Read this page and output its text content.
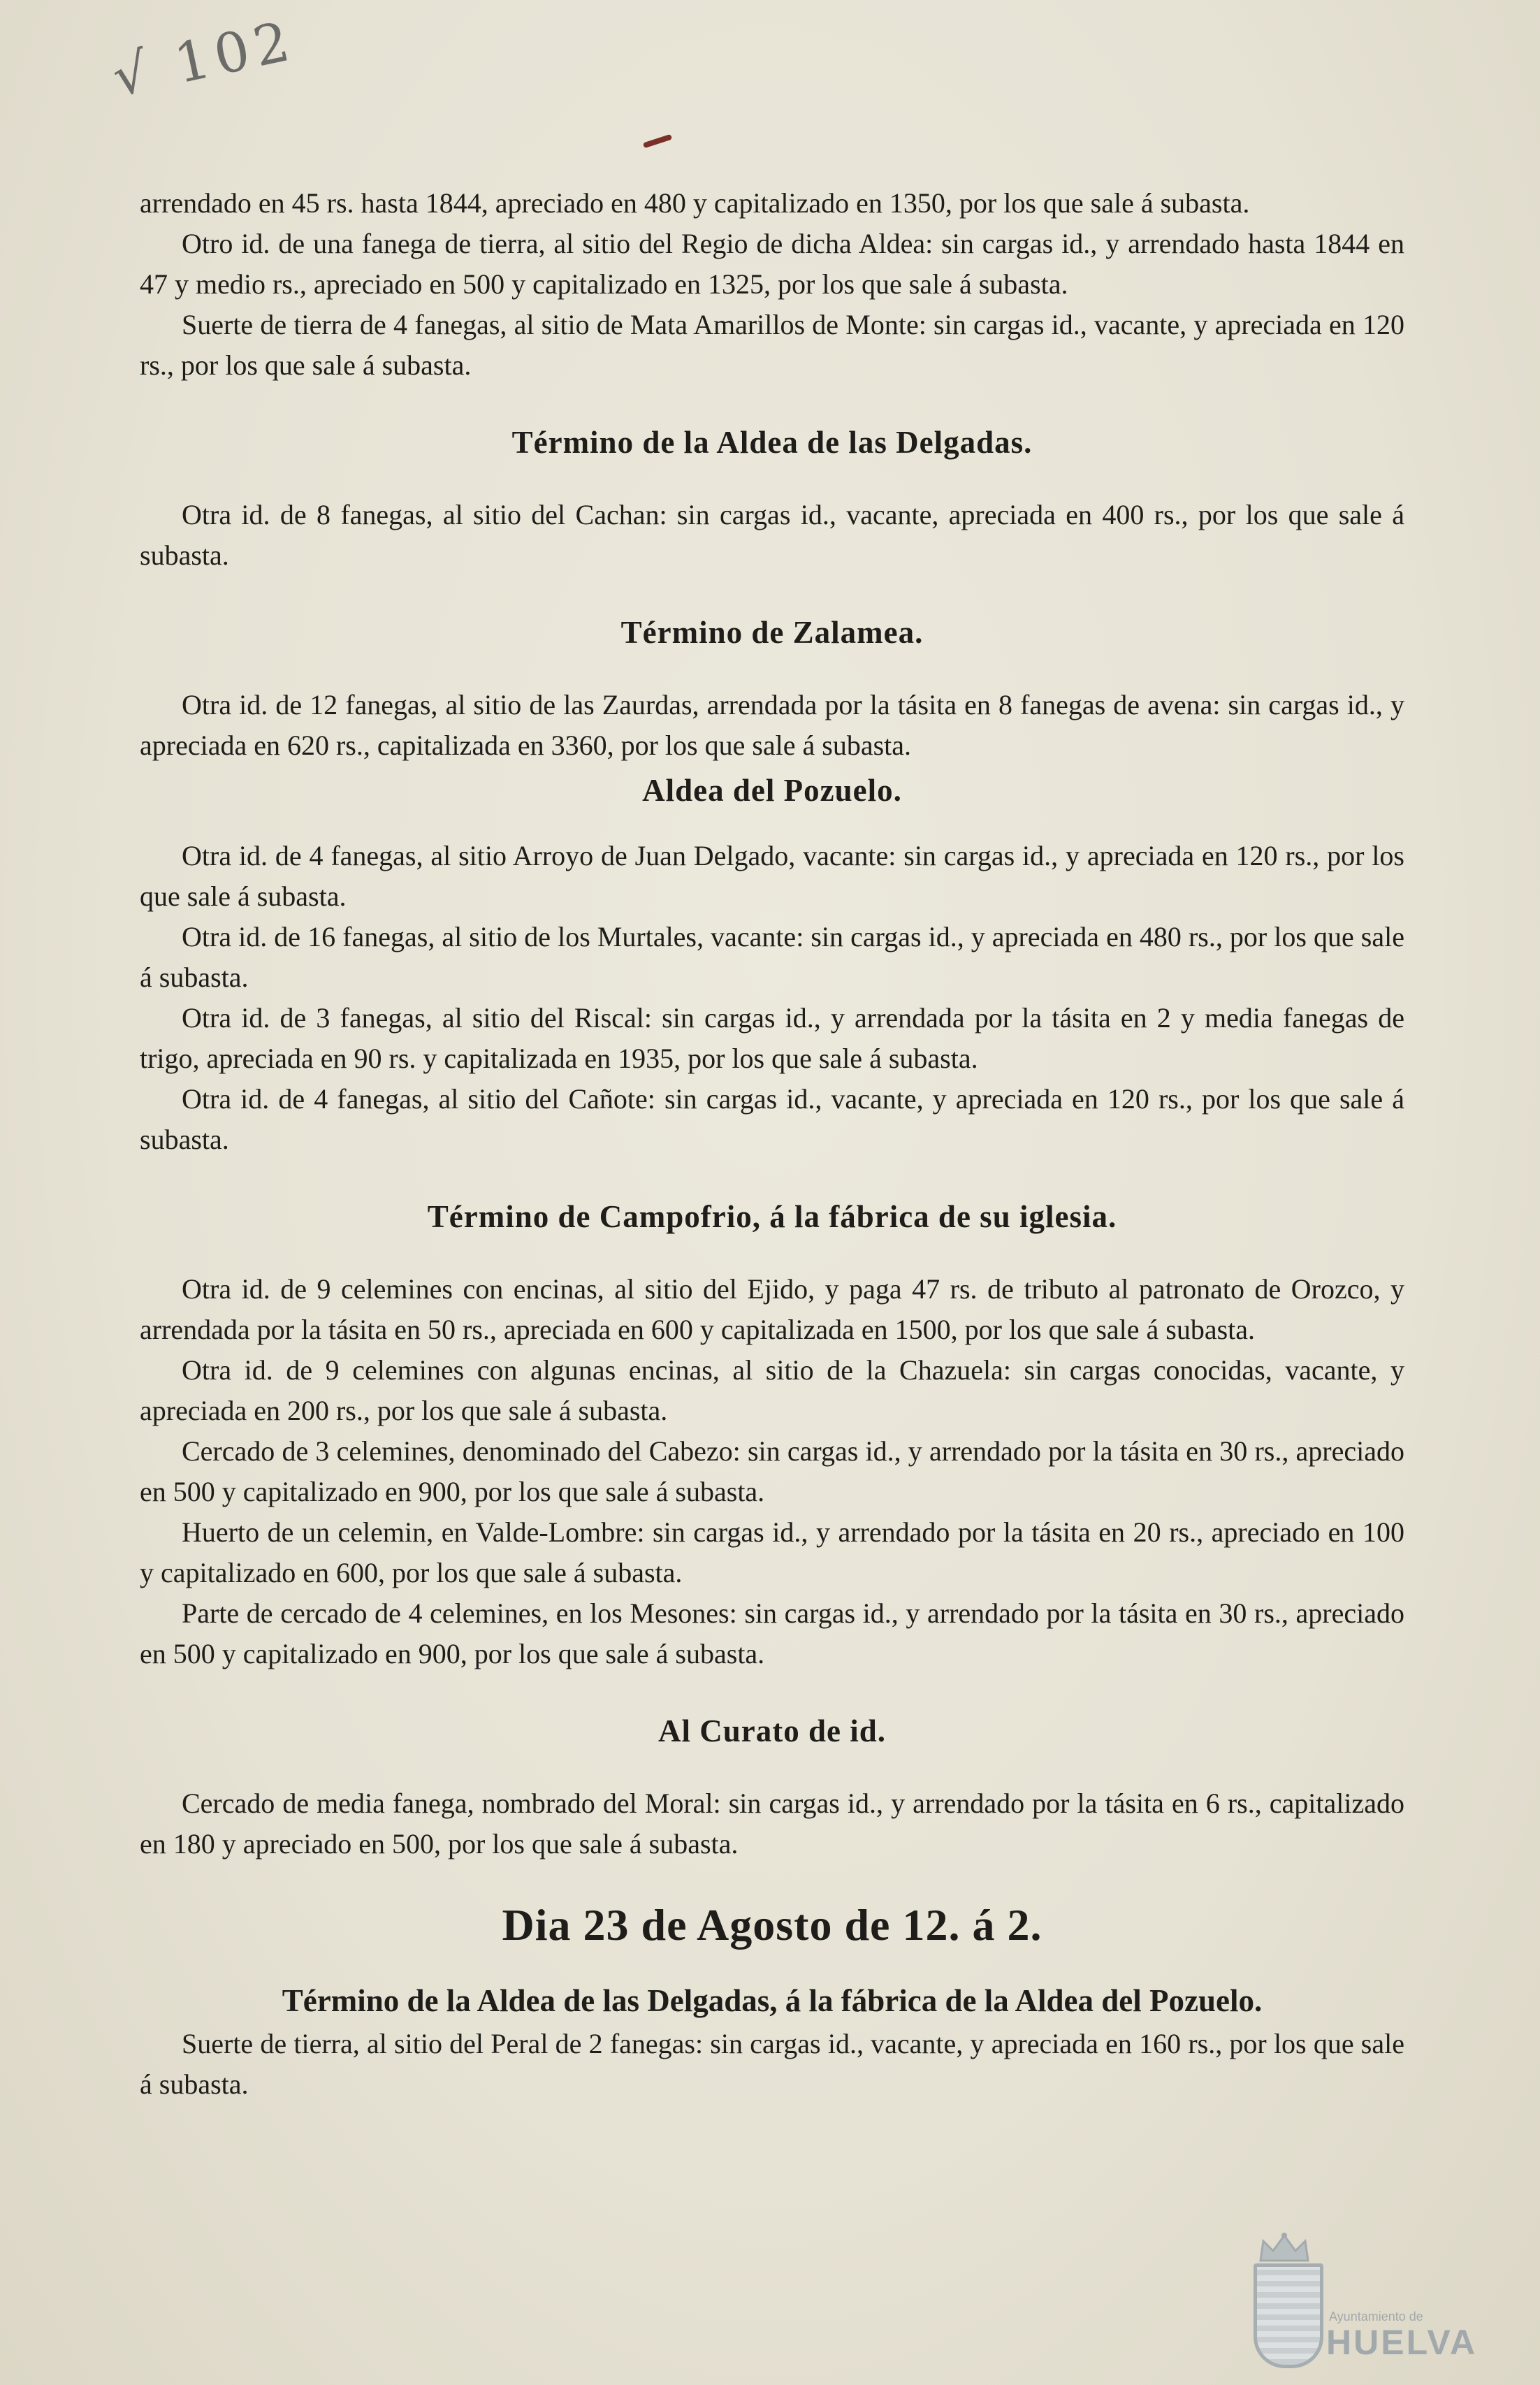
√ 102

arrendado en 45 rs. hasta 1844, apreciado en 480 y capitalizado en 1350, por los que sale á subasta.

Otro id. de una fanega de tierra, al sitio del Regio de dicha Aldea: sin cargas id., y arrendado hasta 1844 en 47 y medio rs., apreciado en 500 y capitalizado en 1325, por los que sale á subasta.

Suerte de tierra de 4 fanegas, al sitio de Mata Amarillos de Monte: sin cargas id., vacante, y apreciada en 120 rs., por los que sale á subasta.

Término de la Aldea de las Delgadas.

Otra id. de 8 fanegas, al sitio del Cachan: sin cargas id., vacante, apreciada en 400 rs., por los que sale á subasta.

Término de Zalamea.

Otra id. de 12 fanegas, al sitio de las Zaurdas, arrendada por la tásita en 8 fanegas de avena: sin cargas id., y apreciada en 620 rs., capitalizada en 3360, por los que sale á subasta.

Aldea del Pozuelo.

Otra id. de 4 fanegas, al sitio Arroyo de Juan Delgado, vacante: sin cargas id., y apreciada en 120 rs., por los que sale á subasta.

Otra id. de 16 fanegas, al sitio de los Murtales, vacante: sin cargas id., y apreciada en 480 rs., por los que sale á subasta.

Otra id. de 3 fanegas, al sitio del Riscal: sin cargas id., y arrendada por la tásita en 2 y media fanegas de trigo, apreciada en 90 rs. y capitalizada en 1935, por los que sale á subasta.

Otra id. de 4 fanegas, al sitio del Cañote: sin cargas id., vacante, y apreciada en 120 rs., por los que sale á subasta.

Término de Campofrio, á la fábrica de su iglesia.

Otra id. de 9 celemines con encinas, al sitio del Ejido, y paga 47 rs. de tributo al patronato de Orozco, y arrendada por la tásita en 50 rs., apreciada en 600 y capitalizada en 1500, por los que sale á subasta.

Otra id. de 9 celemines con algunas encinas, al sitio de la Chazuela: sin cargas conocidas, vacante, y apreciada en 200 rs., por los que sale á subasta.

Cercado de 3 celemines, denominado del Cabezo: sin cargas id., y arrendado por la tásita en 30 rs., apreciado en 500 y capitalizado en 900, por los que sale á subasta.

Huerto de un celemin, en Valde-Lombre: sin cargas id., y arrendado por la tásita en 20 rs., apreciado en 100 y capitalizado en 600, por los que sale á subasta.

Parte de cercado de 4 celemines, en los Mesones: sin cargas id., y arrendado por la tásita en 30 rs., apreciado en 500 y capitalizado en 900, por los que sale á subasta.

Al Curato de id.

Cercado de media fanega, nombrado del Moral: sin cargas id., y arrendado por la tásita en 6 rs., capitalizado en 180 y apreciado en 500, por los que sale á subasta.

Dia 23 de Agosto de 12. á 2.
Término de la Aldea de las Delgadas, á la fábrica de la Aldea del Pozuelo.

Suerte de tierra, al sitio del Peral de 2 fanegas: sin cargas id., vacante, y apreciada en 160 rs., por los que sale á subasta.

Ayuntamiento de
HUELVA
